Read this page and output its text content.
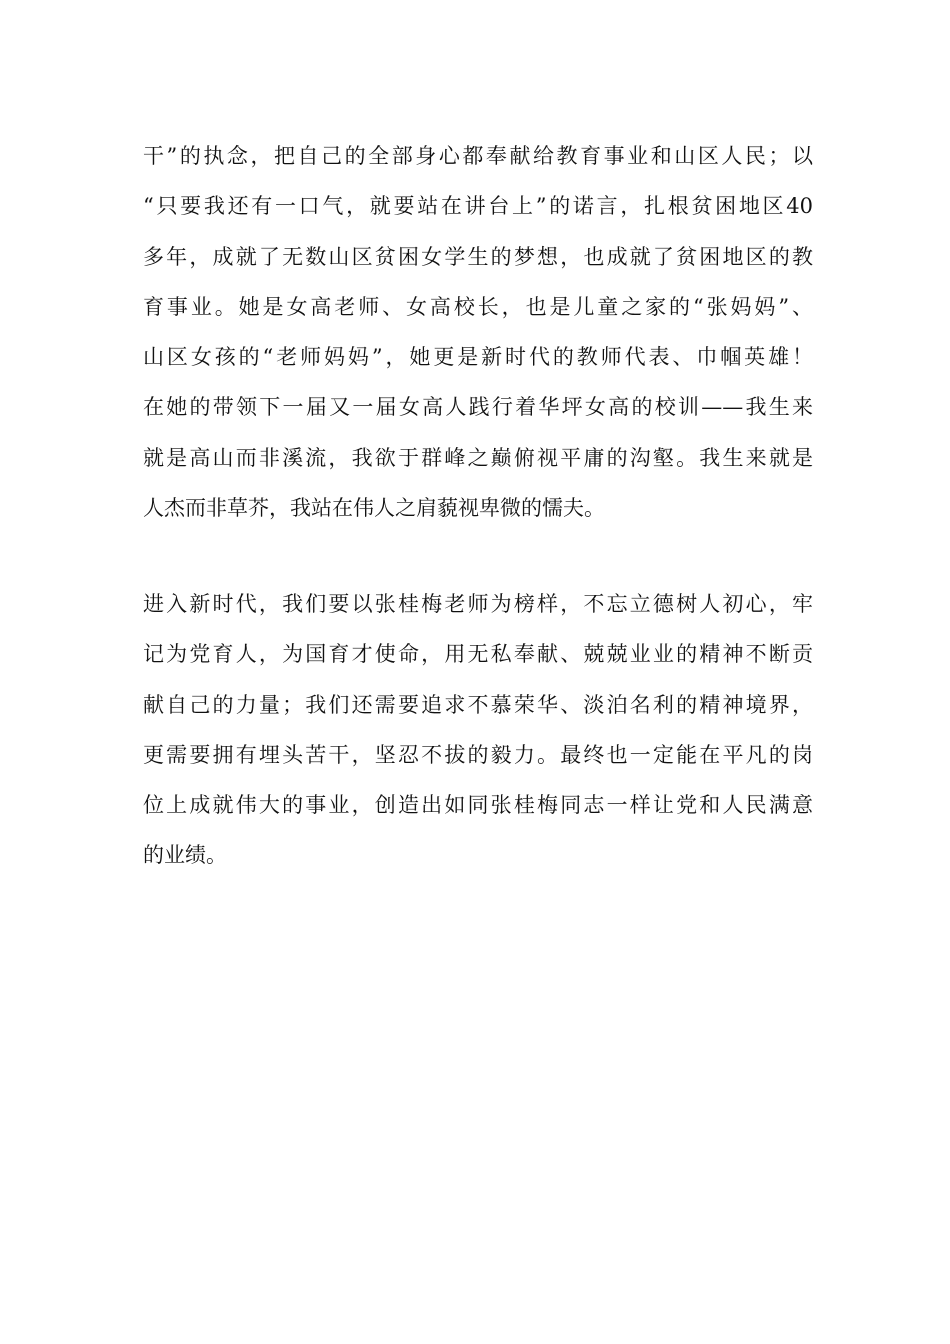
干”的执念，把自己的全部身心都奉献给教育事业和山区人民；以
“只要我还有一口气，就要站在讲台上”的诺言，扎根贫困地区40
多年，成就了无数山区贫困女学生的梦想，也成就了贫困地区的教
育事业。她是女高老师、女高校长，也是儿童之家的“张妈妈”、
山区女孩的“老师妈妈”，她更是新时代的教师代表、巾帼英雄！
在她的带领下一届又一届女高人践行着华坪女高的校训——我生来
就是高山而非溪流，我欲于群峰之巅俯视平庸的沟壑。我生来就是
人杰而非草芥，我站在伟人之肩藐视卑微的懦夫。

进入新时代，我们要以张桂梅老师为榜样，不忘立德树人初心，牢
记为党育人，为国育才使命，用无私奉献、兢兢业业的精神不断贡
献自己的力量；我们还需要追求不慕荣华、淡泊名利的精神境界，
更需要拥有埋头苦干，坚忍不拔的毅力。最终也一定能在平凡的岗
位上成就伟大的事业，创造出如同张桂梅同志一样让党和人民满意
的业绩。
